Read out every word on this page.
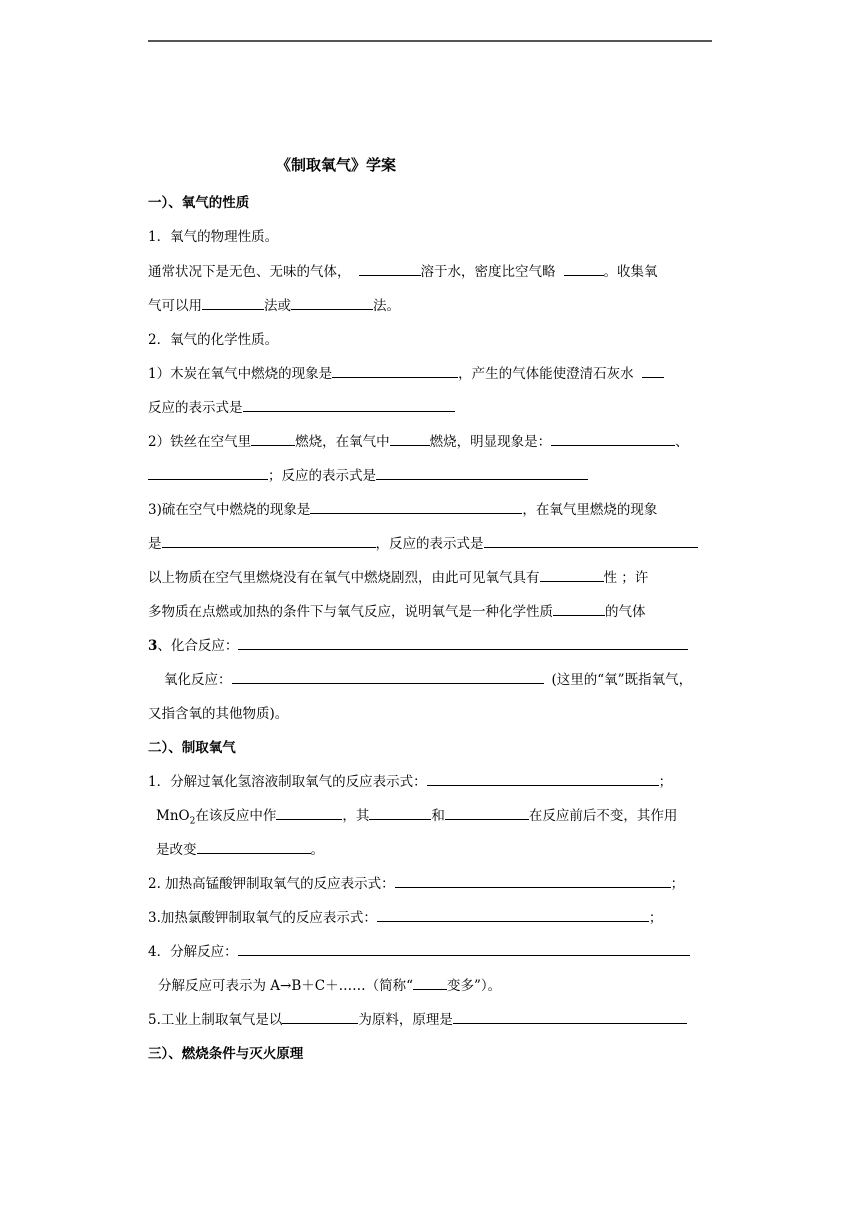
《制取氧气》学案
一）、氧气的性质
1．氧气的物理性质。
通常状况下是无色、无味的气体，	溶于水，密度比空气略	。收集氧
气可以用	法或	法。
2．氧气的化学性质。
1）木炭在氧气中燃烧的现象是	，产生的气体能使澄清石灰水
反应的表示式是
2）铁丝在空气里	燃烧，在氧气中	燃烧，明显现象是：	、
；反应的表示式是
3)硫在空气中燃烧的现象是	，在氧气里燃烧的现象
是	，反应的表示式是
以上物质在空气里燃烧没有在氧气中燃烧剧烈，由此可见氧气具有	性 ；许
多物质在点燃或加热的条件下与氧气反应，说明氧气是一种化学性质	的气体
3、化合反应：
氧化反应：	(这里的“氧”既指氧气，
又指含氧的其他物质)。
二）、制取氧气
1．分解过氧化氢溶液制取氧气的反应表示式：	；
MnO$_2$在该反应中作	，其	和	在反应前后不变，其作用
是改变	。
2. 加热高锰酸钾制取氧气的反应表示式：	；
3.加热氯酸钾制取氧气的反应表示式：	；
4．分解反应：
分解反应可表示为 A→B＋C＋……（简称“	变多”）。
5.工业上制取氧气是以	为原料，原理是
三）、燃烧条件与灭火原理
